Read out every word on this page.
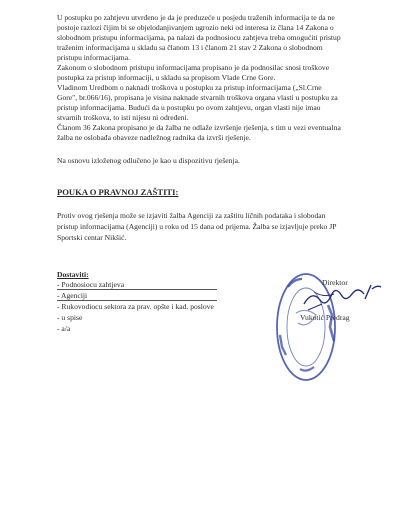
U postupku po zahtjevu utvrđeno je da je preduzeće u posjedu traženih informacija te da ne
postoje razlozi čijim bi se objelodanjivanjem ugrozio neki od interesa iz člana 14 Zakona o
slobodnom pristupu informacijama, pa nalazi da podnosiocu zahtjeva treba omogućiti pristup
traženim informacijama u skladu sa članom 13 i članom 21 stav 2 Zakona o slobodnom
pristupu informacijama.
Zakonom o slobodnom pristupu informacijama propisano je da podnosilac snosi troškove
postupka za pristup informaciji, u skladu sa propisom Vlade Crne Gore.
Vladinom Uredbom o naknadi troškova u postupku za pristup informacijama („Sl.Crne
Gore", br.066/16), propisana je visina naknade stvarnih troškova organa vlasti u postupku za
pristup informacijama. Budući da u postupku po ovom zahtjevu, organ vlasti nije imao
stvarnih troškova, to isti nijesu ni određeni.
Članom 36 Zakona propisano je da žalba ne odlaže izvršenje rješenja, s tim u vezi eventualna
žalba ne oslobađa obaveze nadležnog radnika da izvrši rješenje.
Na osnovu izloženog odlučeno je kao u dispozitivu rješenja.
POUKA O PRAVNOJ ZAŠTITI:
Protiv ovog rješenja može se izjaviti žalba Agenciji za zaštitu ličnih podataka i slobodan
pristup informacijama (Agenciji) u roku od 15 dana od prijema. Žalba se izjavljuje preko JP
Sportski centar Nikšić.
Dostaviti:
- Podnosiocu zahtjeva
- Agenciji
- Rukovodiocu sektora za prav. opšte i kad. poslove
- u spise
- a/a
Direktor
Vukotić Predrag
